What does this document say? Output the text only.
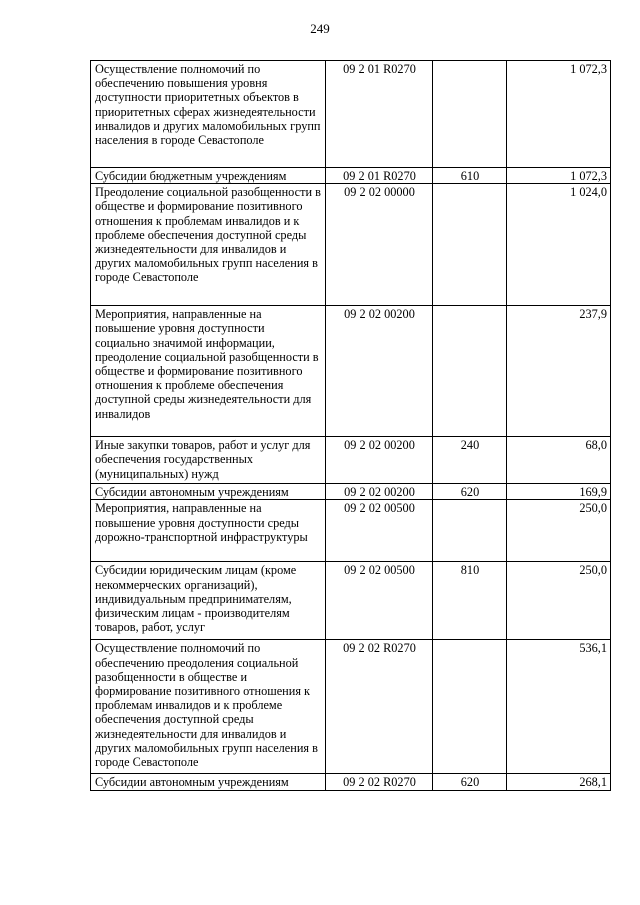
249
Осуществление полномочий по обеспечению повышения уровня доступности приоритетных объектов в приоритетных сферах жизнедеятельности инвалидов и других маломобильных групп населения в городе Севастополе	09 2 01 R0270		1 072,3
Субсидии бюджетным учреждениям	09 2 01 R0270	610	1 072,3
Преодоление социальной разобщенности в обществе и формирование позитивного отношения к проблемам инвалидов и к проблеме обеспечения доступной среды жизнедеятельности для инвалидов и других маломобильных групп населения в городе Севастополе	09 2 02 00000		1 024,0
Мероприятия, направленные на повышение уровня доступности социально значимой информации, преодоление социальной разобщенности в обществе и формирование позитивного отношения к проблеме обеспечения доступной среды жизнедеятельности для инвалидов	09 2 02 00200		237,9
Иные закупки товаров, работ и услуг для обеспечения государственных (муниципальных) нужд	09 2 02 00200	240	68,0
Субсидии автономным учреждениям	09 2 02 00200	620	169,9
Мероприятия, направленные на повышение уровня доступности среды дорожно-транспортной инфраструктуры	09 2 02 00500		250,0
Субсидии юридическим лицам (кроме некоммерческих организаций), индивидуальным предпринимателям, физическим лицам - производителям товаров, работ, услуг	09 2 02 00500	810	250,0
Осуществление полномочий по обеспечению преодоления социальной разобщенности в обществе и формирование позитивного отношения к проблемам инвалидов и к проблеме обеспечения доступной среды жизнедеятельности для инвалидов и других маломобильных групп населения в городе Севастополе	09 2 02 R0270		536,1
Субсидии автономным учреждениям	09 2 02 R0270	620	268,1
